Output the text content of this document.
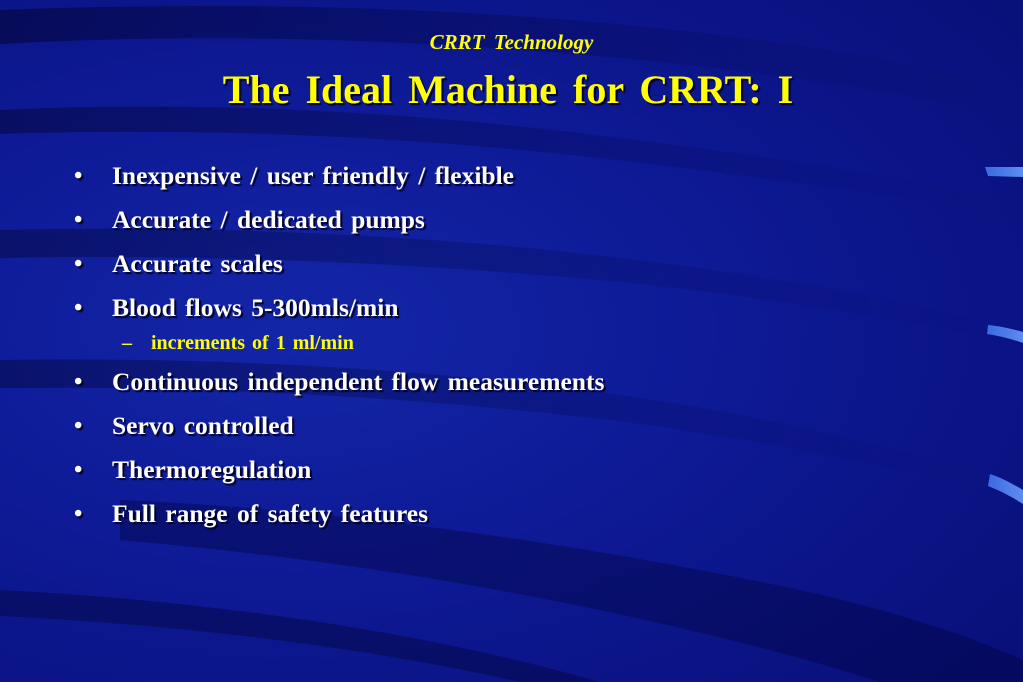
CRRT Technology
The Ideal Machine for CRRT: I
• Inexpensive / user friendly / flexible
• Accurate / dedicated pumps
• Accurate scales
• Blood flows 5-300mls/min
– increments of 1 ml/min
• Continuous independent flow measurements
• Servo controlled
• Thermoregulation
• Full range of safety features
